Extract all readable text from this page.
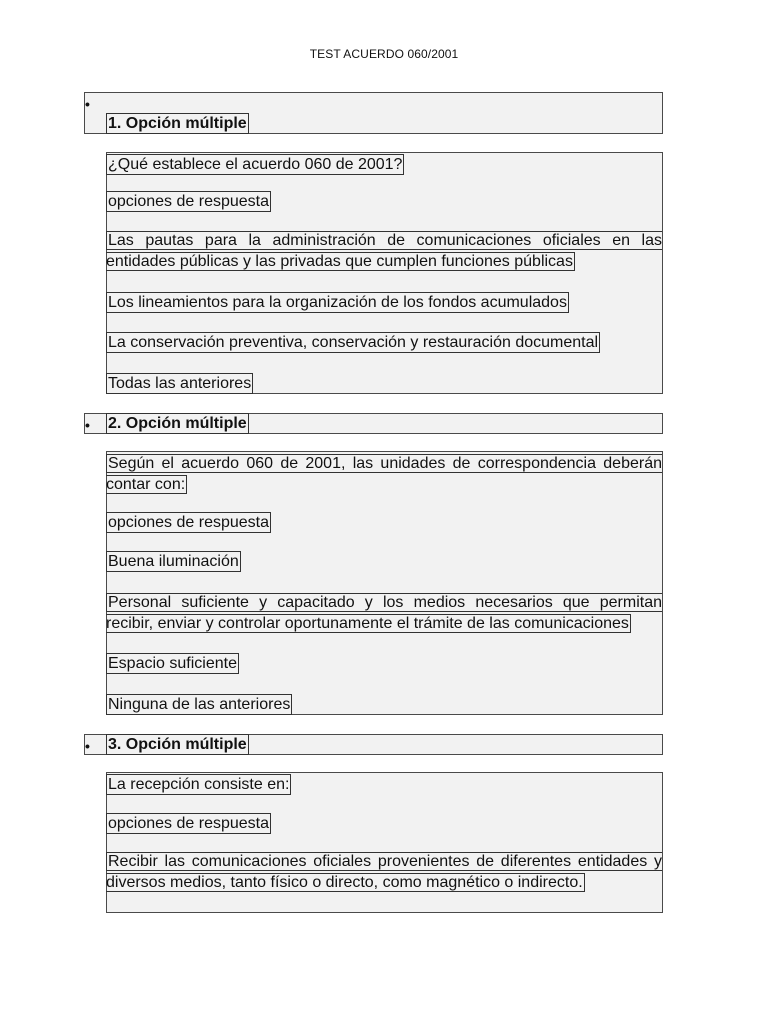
TEST ACUERDO 060/2001
•
1. Opción múltiple
¿Qué establece el acuerdo 060 de 2001?
opciones de respuesta
Las pautas para la administración de comunicaciones oficiales en las entidades públicas y las privadas que cumplen funciones públicas
Los lineamientos para la organización de los fondos acumulados
La conservación preventiva, conservación y restauración documental
Todas las anteriores
• 2. Opción múltiple
Según el acuerdo 060 de 2001, las unidades de correspondencia deberán contar con:
opciones de respuesta
Buena iluminación
Personal suficiente y capacitado y los medios necesarios que permitan recibir, enviar y controlar oportunamente el trámite de las comunicaciones
Espacio suficiente
Ninguna de las anteriores
• 3. Opción múltiple
La recepción consiste en:
opciones de respuesta
Recibir las comunicaciones oficiales provenientes de diferentes entidades y diversos medios, tanto físico o directo, como magnético o indirecto.
